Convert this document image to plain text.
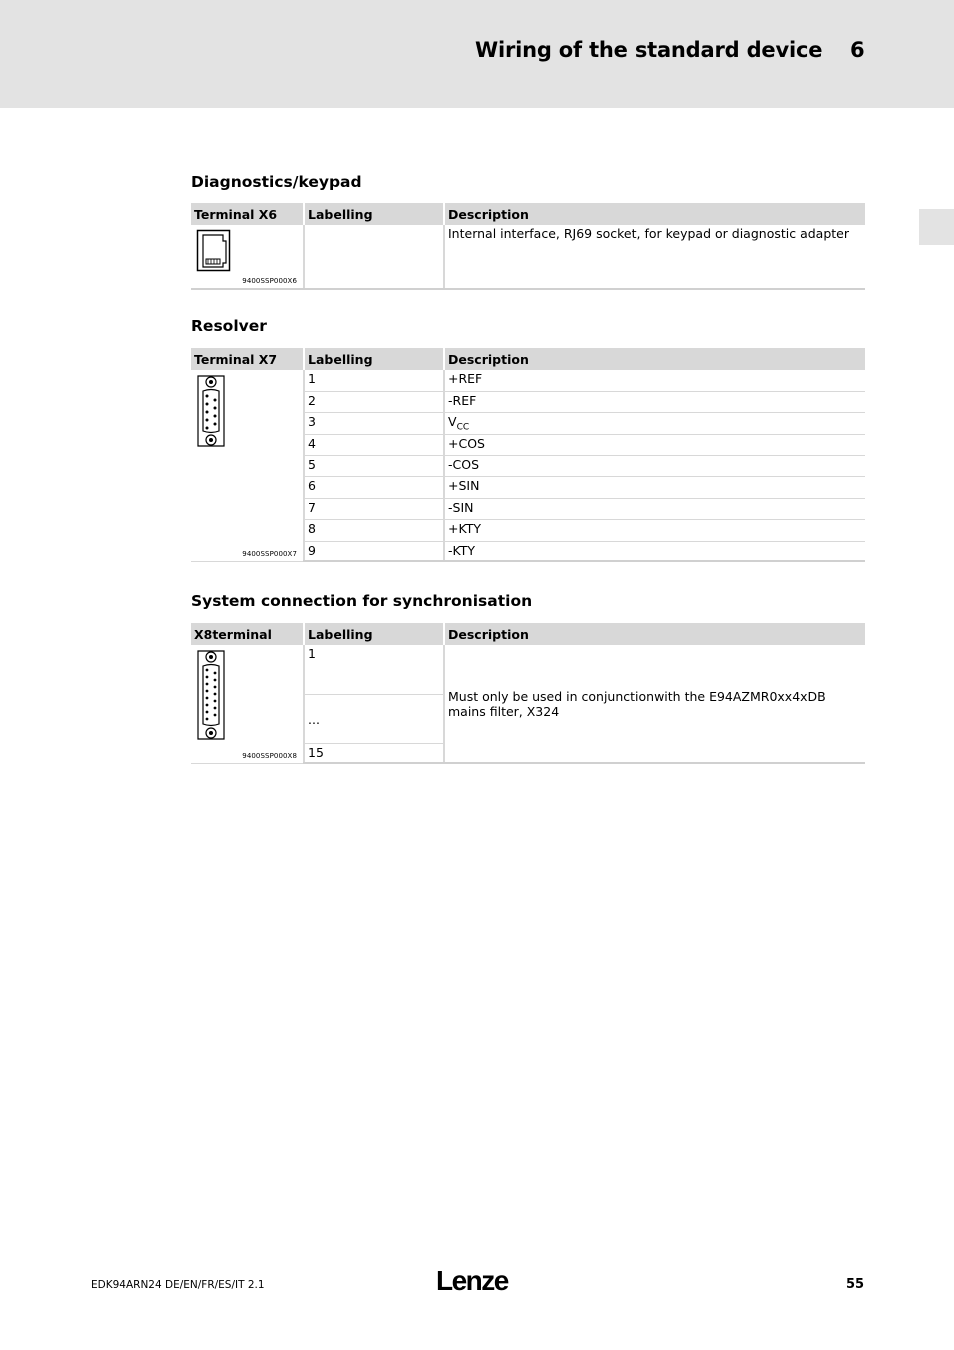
Wiring of the standard device 6
Diagnostics/keypad
Terminal X6	Labelling	Description

9400SSP000X6		Internal interface, RJ69 socket, for keypad or diagnostic adapter
Resolver
Terminal X7	Labelling	Description

9400SSP000X7	1	+REF
	2	-REF
	3	$V_{CC}$
	4	+COS
	5	-COS
	6	+SIN
	7	-SIN
	8	+KTY
	9	-KTY
System connection for synchronisation
X8terminal	Labelling	Description

9400SSP000X8	1	Must only be used in conjunctionwith the E94AZMR0xx4xDB mains filter, X324
	...	
	15	
EDK94ARN24 DE/EN/FR/ES/IT 2.1	Lenze	55
